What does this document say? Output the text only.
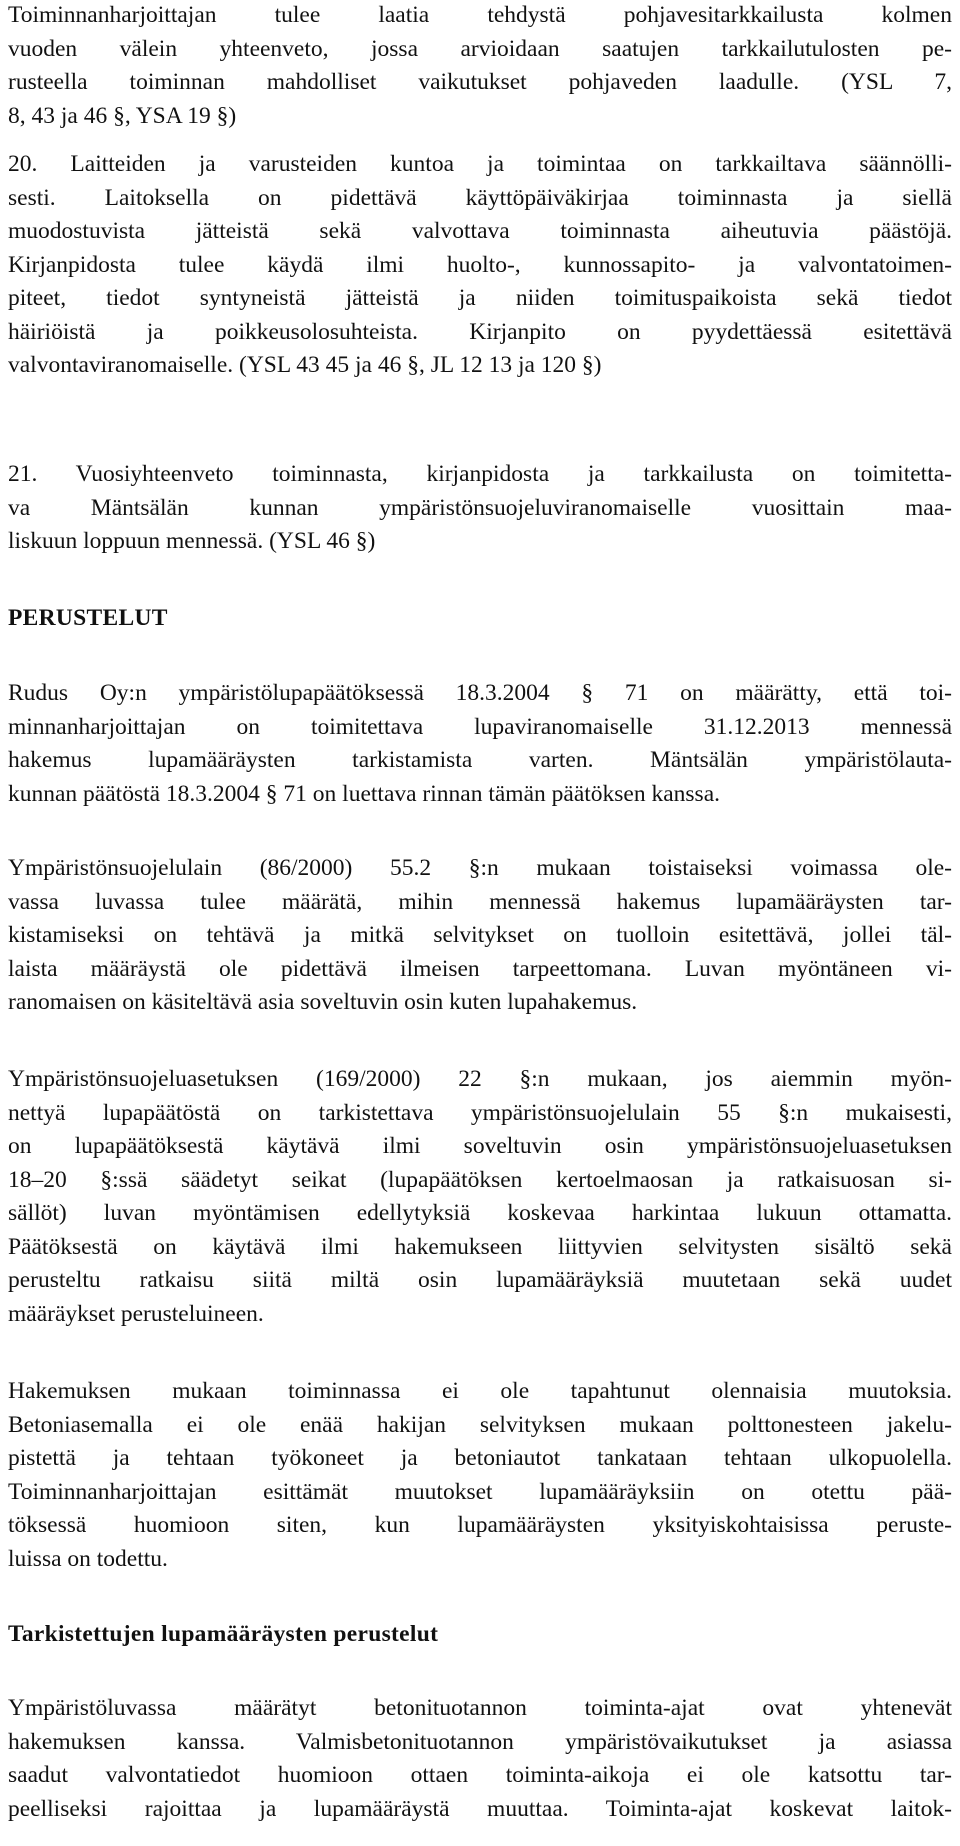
Toiminnanharjoittajan tulee laatia tehdystä pohjavesitarkkailusta kolmen
vuoden välein yhteenveto, jossa arvioidaan saatujen tarkkailutulosten pe-
rusteella toiminnan mahdolliset vaikutukset pohjaveden laadulle. (YSL 7,
8, 43 ja 46 §, YSA 19 §)
20. Laitteiden ja varusteiden kuntoa ja toimintaa on tarkkailtava säännölli-
sesti. Laitoksella on pidettävä käyttöpäiväkirjaa toiminnasta ja siellä
muodostuvista jätteistä sekä valvottava toiminnasta aiheutuvia päästöjä.
Kirjanpidosta tulee käydä ilmi huolto-, kunnossapito- ja valvontatoimen-
piteet, tiedot syntyneistä jätteistä ja niiden toimituspaikoista sekä tiedot
häiriöistä ja poikkeusolosuhteista. Kirjanpito on pyydettäessä esitettävä
valvontaviranomaiselle. (YSL 43 45 ja 46 §, JL 12 13 ja 120 §)
21. Vuosiyhteenveto toiminnasta, kirjanpidosta ja tarkkailusta on toimitetta-
va Mäntsälän kunnan ympäristönsuojeluviranomaiselle vuosittain maa-
liskuun loppuun mennessä. (YSL 46 §)
PERUSTELUT
Rudus Oy:n ympäristölupapäätöksessä 18.3.2004 § 71 on määrätty, että toi-
minnanharjoittajan on toimitettava lupaviranomaiselle 31.12.2013 mennessä
hakemus lupamääräysten tarkistamista varten. Mäntsälän ympäristölauta-
kunnan päätöstä 18.3.2004 § 71 on luettava rinnan tämän päätöksen kanssa.
Ympäristönsuojelulain (86/2000) 55.2 §:n mukaan toistaiseksi voimassa ole-
vassa luvassa tulee määrätä, mihin mennessä hakemus lupamääräysten tar-
kistamiseksi on tehtävä ja mitkä selvitykset on tuolloin esitettävä, jollei täl-
laista määräystä ole pidettävä ilmeisen tarpeettomana. Luvan myöntäneen vi-
ranomaisen on käsiteltävä asia soveltuvin osin kuten lupahakemus.
Ympäristönsuojeluasetuksen (169/2000) 22 §:n mukaan, jos aiemmin myön-
nettyä lupapäätöstä on tarkistettava ympäristönsuojelulain 55 §:n mukaisesti,
on lupapäätöksestä käytävä ilmi soveltuvin osin ympäristönsuojeluasetuksen
18–20 §:ssä säädetyt seikat (lupapäätöksen kertoelmaosan ja ratkaisuosan si-
sällöt) luvan myöntämisen edellytyksiä koskevaa harkintaa lukuun ottamatta.
Päätöksestä on käytävä ilmi hakemukseen liittyvien selvitysten sisältö sekä
perusteltu ratkaisu siitä miltä osin lupamääräyksiä muutetaan sekä uudet
määräykset perusteluineen.
Hakemuksen mukaan toiminnassa ei ole tapahtunut olennaisia muutoksia.
Betoniasemalla ei ole enää hakijan selvityksen mukaan polttonesteen jakelu-
pistettä ja tehtaan työkoneet ja betoniautot tankataan tehtaan ulkopuolella.
Toiminnanharjoittajan esittämät muutokset lupamääräyksiin on otettu pää-
töksessä huomioon siten, kun lupamääräysten yksityiskohtaisissa peruste-
luissa on todettu.
Tarkistettujen lupamääräysten perustelut
Ympäristöluvassa määrätyt betonituotannon toiminta-ajat ovat yhtenevät
hakemuksen kanssa. Valmisbetonituotannon ympäristövaikutukset ja asiassa
saadut valvontatiedot huomioon ottaen toiminta-aikoja ei ole katsottu tar-
peelliseksi rajoittaa ja lupamääräystä muuttaa. Toiminta-ajat koskevat laitok-
